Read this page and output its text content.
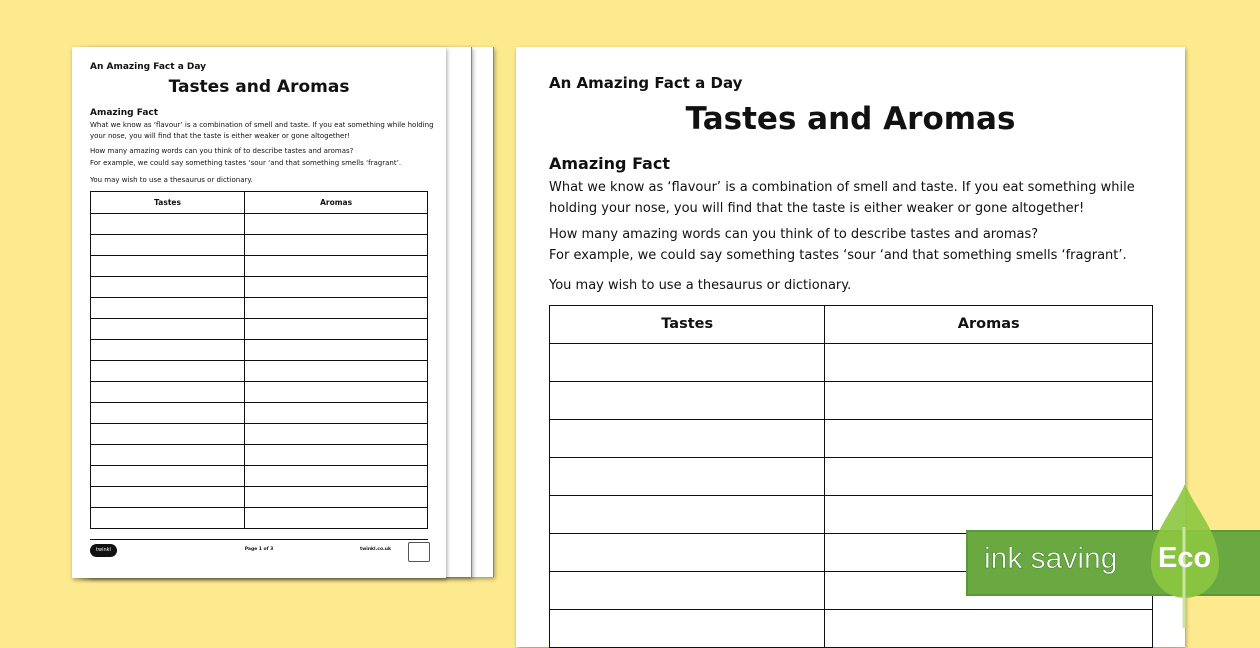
An Amazing Fact a Day
Tastes and Aromas
Amazing Fact
What we know as ‘flavour’ is a combination of smell and taste. If you eat something while holding your nose, you will find that the taste is either weaker or gone altogether!
How many amazing words can you think of to describe tastes and aromas?
For example, we could say something tastes ‘sour ‘and that something smells ‘fragrant’.
You may wish to use a thesaurus or dictionary.
Tastes	Aromas

twinkl	Page 1 of 3	twinkl.co.uk
An Amazing Fact a Day
Tastes and Aromas
Amazing Fact
What we know as ‘flavour’ is a combination of smell and taste. If you eat something while holding your nose, you will find that the taste is either weaker or gone altogether!
How many amazing words can you think of to describe tastes and aromas?
For example, we could say something tastes ‘sour ‘and that something smells ‘fragrant’.
You may wish to use a thesaurus or dictionary.
Tastes	Aromas

ink saving Eco
